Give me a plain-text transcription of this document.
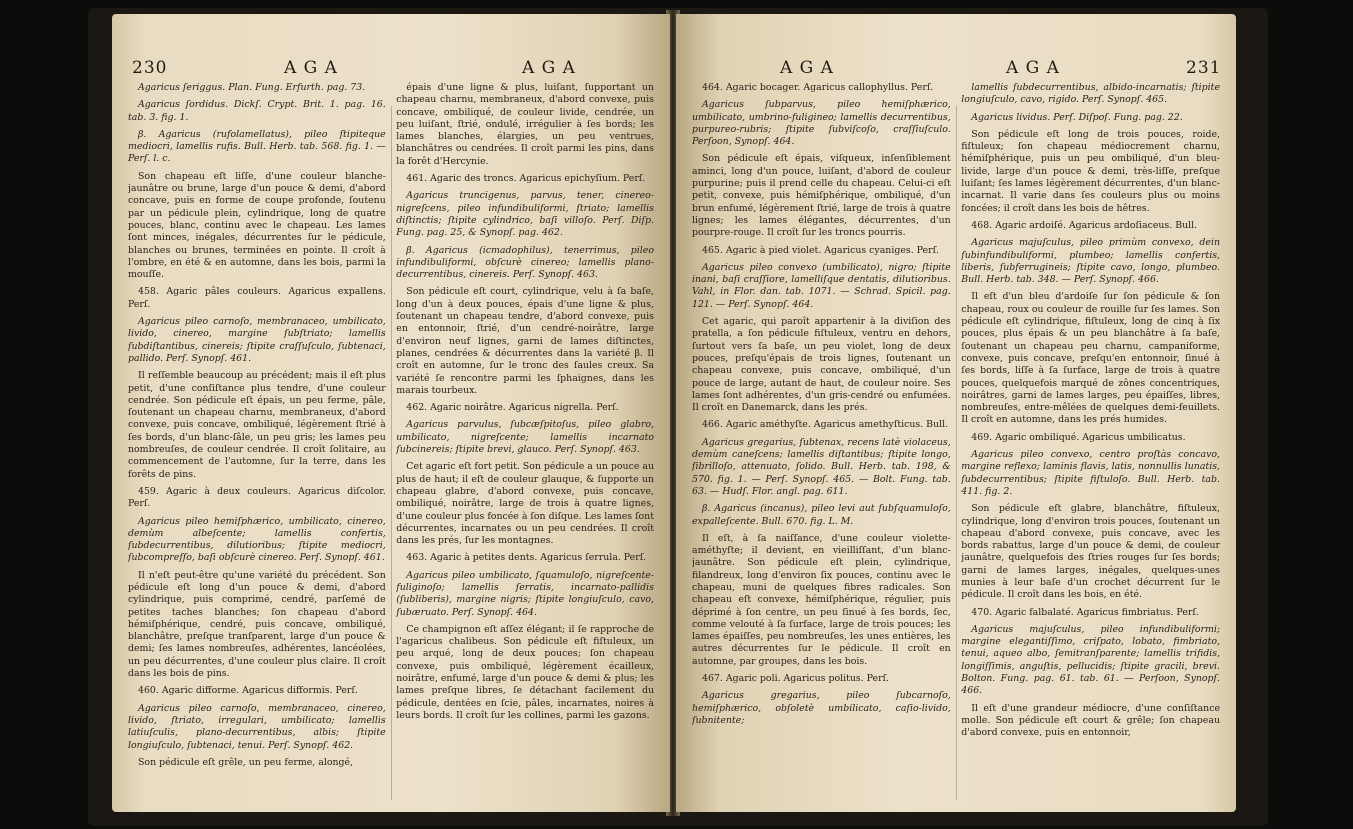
230	A G A	A G A

Agaricus ſeriggus. Plan. Fung. Erfurth. pag. 73.

Agaricus ſordidus. Dickſ. Crypt. Brit. 1. pag. 16. tab. 3. fig. 1.

β. Agaricus (rufolamellatus), pileo ſtipiteque mediocri, lamellis rufis. Bull. Herb. tab. 568. fig. 1. — Perſ. l. c.

Son chapeau eſt liſſe, d'une couleur blanche-jaunâtre ou brune, large d'un pouce & demi, d'abord concave, puis en forme de coupe profonde, ſoutenu par un pédicule plein, cylindrique, long de quatre pouces, blanc, continu avec le chapeau. Les lames ſont minces, inégales, décurrentes ſur le pédicule, blanches ou brunes, terminées en pointe. Il croît à l'ombre, en été & en automne, dans les bois, parmi la mouſſe.

458. Agaric pâles couleurs. Agaricus expallens. Perſ.

Agaricus pileo carnoſo, membranaceo, umbilicato, livido, cinereo, margine ſubſtriato; lamellis ſubdiſtantibus, cinereis; ſtipite craſſuſculo, ſubtenaci, pallido. Perſ. Synopſ. 461.

Il reſſemble beaucoup au précédent; mais il eſt plus petit, d'une conſiſtance plus tendre, d'une couleur cendrée. Son pédicule eſt épais, un peu ferme, pâle, ſoutenant un chapeau charnu, membraneux, d'abord convexe, puis concave, ombiliqué, légèrement ſtrié à ſes bords, d'un blanc-ſâle, un peu gris; les lames peu nombreuſes, de couleur cendrée. Il croît ſolitaire, au commencement de l'automne, ſur la terre, dans les forêts de pins.

459. Agaric à deux couleurs. Agaricus diſcolor. Perſ.

Agaricus pileo hemiſphærico, umbilicato, cinereo, demùm albeſcente; lamellis confertis, ſubdecurrentibus, dilutioribus; ſtipite mediocri, ſubcompreſſo, baſi obſcurè cinereo. Perſ. Synopſ. 461.

Il n'eſt peut-être qu'une variété du précédent. Son pédicule eſt long d'un pouce & demi, d'abord cylindrique, puis comprimé, cendré, parſemé de petites taches blanches; ſon chapeau d'abord hémiſphérique, cendré, puis concave, ombiliqué, blanchâtre, preſque tranſparent, large d'un pouce & demi; ſes lames nombreuſes, adhérentes, lancéolées, un peu décurrentes, d'une couleur plus claire. Il croît dans les bois de pins.

460. Agaric difforme. Agaricus difformis. Perſ.

Agaricus pileo carnoſo, membranaceo, cinereo, livido, ſtriato, irregulari, umbilicato; lamellis latiuſculis, plano-decurrentibus, albis; ſtipite longiuſculo, ſubtenaci, tenui. Perſ. Synopſ. 462.

Son pédicule eſt grêle, un peu ferme, alongé,

épais d'une ligne & plus, luiſant, ſupportant un chapeau charnu, membraneux, d'abord convexe, puis concave, ombiliqué, de couleur livide, cendrée, un peu luiſant, ſtrié, ondulé, irrégulier à ſes bords; les lames blanches, élargies, un peu ventrues, blanchâtres ou cendrées. Il croît parmi les pins, dans la forêt d'Hercynie.

461. Agaric des troncs. Agaricus epichyſium. Perſ.

Agaricus truncigenus, parvus, tener, cinereo-nigreſcens, pileo infundibuliformi, ſtriato; lamellis diſtinctis; ſtipite cylindrico, baſi villoſo. Perſ. Diſp. Fung. pag. 25, & Synopſ. pag. 462.

β. Agaricus (icmadophilus), tenerrimus, pileo infundibuliformi, obſcurè cinereo; lamellis plano-decurrentibus, cinereis. Perſ. Synopſ. 463.

Son pédicule eſt court, cylindrique, velu à ſa baſe, long d'un à deux pouces, épais d'une ligne & plus, ſoutenant un chapeau tendre, d'abord convexe, puis en entonnoir, ſtrié, d'un cendré-noirâtre, large d'environ neuf lignes, garni de lames diſtinctes, planes, cendrées & décurrentes dans la variété β. Il croît en automne, ſur le tronc des ſaules creux. Sa variété ſe rencontre parmi les ſphaignes, dans les marais tourbeux.

462. Agaric noirâtre. Agaricus nigrella. Perſ.

Agaricus parvulus, ſubcæſpitoſus, pileo glabro, umbilicato, nigreſcente; lamellis incarnato ſubcinereis; ſtipite brevi, glauco. Perſ. Synopſ. 463.

Cet agaric eſt fort petit. Son pédicule a un pouce au plus de haut; il eſt de couleur glauque, & ſupporte un chapeau glabre, d'abord convexe, puis concave, ombiliqué, noirâtre, large de trois à quatre lignes, d'une couleur plus foncée à ſon diſque. Les lames ſont décurrentes, incarnates ou un peu cendrées. Il croît dans les prés, ſur les montagnes.

463. Agaric à petites dents. Agaricus ſerrula. Perſ.

Agaricus pileo umbilicato, ſquamuloſo, nigreſcente-fuliginoſo; lamellis ſerratis, incarnato-pallidis (ſubliberis), margine nigris; ſtipite longiuſculo, cavo, ſubæruato. Perſ. Synopſ. 464.

Ce champignon eſt aſſez élégant; il ſe rapproche de l'agaricus chalibeus. Son pédicule eſt fiſtuleux, un peu arqué, long de deux pouces; ſon chapeau convexe, puis ombiliqué, légèrement écailleux, noirâtre, enfumé, large d'un pouce & demi & plus; les lames preſque libres, ſe détachant facilement du pédicule, dentées en ſcie, pâles, incarnates, noires à leurs bords. Il croît ſur les collines, parmi les gazons.

A G A	A G A	231

464. Agaric bocager. Agaricus callophyllus. Perſ.

Agaricus ſubparvus, pileo hemiſphærico, umbilicato, umbrino-fuligineo; lamellis decurrentibus, purpureo-rubris; ſtipite ſubviſcoſo, craſſiuſculo. Perſoon, Synopſ. 464.

Son pédicule eſt épais, viſqueux, inſenſiblement aminci, long d'un pouce, luiſant, d'abord de couleur purpurine; puis il prend celle du chapeau. Celui-ci eſt petit, convexe, puis hémiſphérique, ombiliqué, d'un brun enfumé, légèrement ſtrié, large de trois à quatre lignes; les lames élégantes, décurrentes, d'un pourpre-rouge. Il croît ſur les troncs pourris.

465. Agaric à pied violet. Agaricus cyaniges. Perſ.

Agaricus pileo convexo (umbilicato), nigro; ſtipite inani, baſi craſſiore, lamelliſque dentatis, dilutioribus. Vahl, in Flor. dan. tab. 1071. — Schrad. Spicil. pag. 121. — Perſ. Synopſ. 464.

Cet agaric, qui paroît appartenir à la diviſion des pratella, a ſon pédicule fiſtuleux, ventru en dehors, ſurtout vers ſa baſe, un peu violet, long de deux pouces, preſqu'épais de trois lignes, ſoutenant un chapeau convexe, puis concave, ombiliqué, d'un pouce de large, autant de haut, de couleur noire. Ses lames ſont adhérentes, d'un gris-cendré ou enfumées. Il croît en Danemarck, dans les prés.

466. Agaric améthyſte. Agaricus amethyſticus. Bull.

Agaricus gregarius, ſubtenax, recens latè violaceus, demùm caneſcens; lamellis diſtantibus; ſtipite longo, ſibrilloſo, attenuato, ſolido. Bull. Herb. tab. 198, & 570. fig. 1. — Perſ. Synopſ. 465. — Bolt. Fung. tab. 63. — Hudſ. Flor. angl. pag. 611.

β. Agaricus (incanus), pileo levi aut ſubſquamuloſo, expalleſcente. Bull. 670. fig. L. M.

Il eſt, à ſa naiſſance, d'une couleur violette-améthyſte; il devient, en vieilliſſant, d'un blanc-jaunâtre. Son pédicule eſt plein, cylindrique, filandreux, long d'environ ſix pouces, continu avec le chapeau, muni de quelques fibres radicales. Son chapeau eſt convexe, hémiſphérique, régulier, puis déprimé à ſon centre, un peu ſinué à ſes bords, ſec, comme velouté à ſa ſurface, large de trois pouces; les lames épaiſſes, peu nombreuſes, les unes entières, les autres décurrentes ſur le pédicule. Il croît en automne, par groupes, dans les bois.

467. Agaric poli. Agaricus politus. Perſ.

Agaricus gregarius, pileo ſubcarnoſo, hemiſphærico, obſoletè umbilicato, caſio-livido, ſubnitente;

lamellis ſubdecurrentibus, albido-incarnatis; ſtipite longiuſculo, cavo, rigido. Perſ. Synopſ. 465.

Agaricus lividus. Perſ. Diſpoſ. Fung. pag. 22.

Son pédicule eſt long de trois pouces, roide, fiſtuleux; ſon chapeau médiocrement charnu, hémiſphérique, puis un peu ombiliqué, d'un bleu-livide, large d'un pouce & demi, très-liſſe, preſque luiſant; ſes lames légèrement décurrentes, d'un blanc-incarnat. Il varie dans ſes couleurs plus ou moins foncées; il croît dans les bois de hêtres.

468. Agaric ardoiſé. Agaricus ardoſiaceus. Bull.

Agaricus majuſculus, pileo primùm convexo, dein ſubinfundibuliformi, plumbeo; lamellis confertis, liberis, ſubferrugineis; ſtipite cavo, longo, plumbeo. Bull. Herb. tab. 348. — Perſ. Synopſ. 466.

Il eſt d'un bleu d'ardoiſe ſur ſon pédicule & ſon chapeau, roux ou couleur de rouille ſur ſes lames. Son pédicule eſt cylindrique, fiſtuleux, long de cinq à ſix pouces, plus épais & un peu blanchâtre à ſa baſe, ſoutenant un chapeau peu charnu, campaniforme, convexe, puis concave, preſqu'en entonnoir, ſinué à ſes bords, liſſe à ſa ſurface, large de trois à quatre pouces, quelquefois marqué de zônes concentriques, noirâtres, garni de lames larges, peu épaiſſes, libres, nombreuſes, entre-mêlées de quelques demi-feuillets. Il croît en automne, dans les prés humides.

469. Agaric ombiliqué. Agaricus umbilicatus.

Agaricus pileo convexo, centro proſtàs concavo, margine reflexo; laminis flavis, latis, nonnullis lunatis, ſubdecurrentibus; ſtipite fiſtuloſo. Bull. Herb. tab. 411. fig. 2.

Son pédicule eſt glabre, blanchâtre, fiſtuleux, cylindrique, long d'environ trois pouces, ſoutenant un chapeau d'abord convexe, puis concave, avec les bords rabattus, large d'un pouce & demi, de couleur jaunâtre, quelquefois des ſtries rouges ſur ſes bords; garni de lames larges, inégales, quelques-unes munies à leur baſe d'un crochet décurrent ſur le pédicule. Il croît dans les bois, en été.

470. Agaric falbalaté. Agaricus fimbriatus. Perſ.

Agaricus majuſculus, pileo infundibuliformi; margine elegantiſſimo, criſpato, lobato, fimbriato, tenui, aqueo albo, ſemitranſparente; lamellis trifidis, longiſſimis, anguſtis, pellucidis; ſtipite gracili, brevi. Bolton. Fung. pag. 61. tab. 61. — Perſoon, Synopſ. 466.

Il eſt d'une grandeur médiocre, d'une conſiſtance molle. Son pédicule eſt court & grêle; ſon chapeau d'abord convexe, puis en entonnoir,
